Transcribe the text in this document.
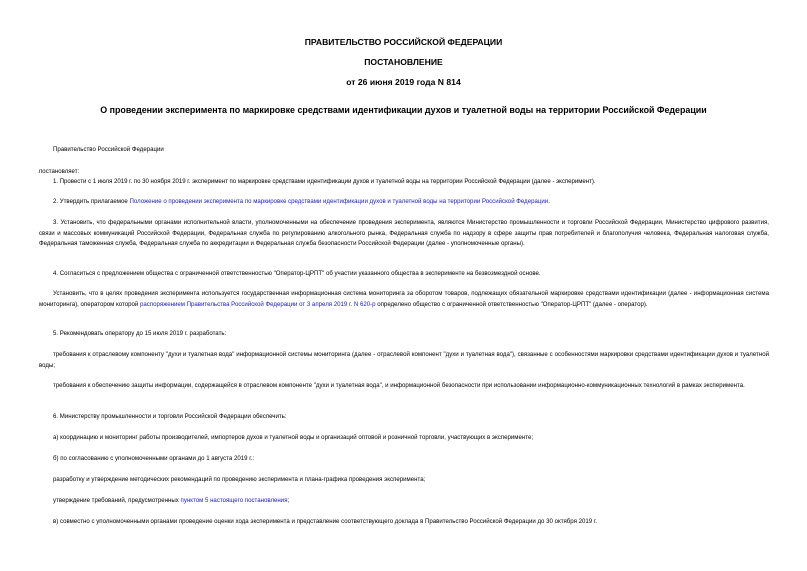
ПРАВИТЕЛЬСТВО РОССИЙСКОЙ ФЕДЕРАЦИИ
ПОСТАНОВЛЕНИЕ
от 26 июня 2019 года N 814
О проведении эксперимента по маркировке средствами идентификации духов и туалетной воды на территории Российской Федерации
Правительство Российской Федерации
постановляет:
1. Провести с 1 июля 2019 г. по 30 ноября 2019 г. эксперимент по маркировке средствами идентификации духов и туалетной воды на территории Российской Федерации (далее - эксперимент).
2. Утвердить прилагаемое Положение о проведении эксперимента по маркировке средствами идентификации духов и туалетной воды на территории Российской Федерации.
3. Установить, что федеральными органами исполнительной власти, уполномоченными на обеспечение проведения эксперимента, являются Министерство промышленности и торговли Российской Федерации, Министерство цифрового развития, связи и массовых коммуникаций Российской Федерации, Федеральная служба по регулированию алкогольного рынка, Федеральная служба по надзору в сфере защиты прав потребителей и благополучия человека, Федеральная налоговая служба, Федеральная таможенная служба, Федеральная служба по аккредитации и Федеральная служба безопасности Российской Федерации (далее - уполномоченные органы).
4. Согласиться с предложением общества с ограниченной ответственностью "Оператор-ЦРПТ" об участии указанного общества в эксперименте на безвозмездной основе.
Установить, что в целях проведения эксперимента используется государственная информационная система мониторинга за оборотом товаров, подлежащих обязательной маркировке средствами идентификации (далее - информационная система мониторинга), оператором которой распоряжением Правительства Российской Федерации от 3 апреля 2019 г. N 620-р определено общество с ограниченной ответственностью "Оператор-ЦРПТ" (далее - оператор).
5. Рекомендовать оператору до 15 июля 2019 г. разработать:
требования к отраслевому компоненту "духи и туалетная вода" информационной системы мониторинга (далее - отраслевой компонент "духи и туалетная вода"), связанные с особенностями маркировки средствами идентификации духов и туалетной воды;
требования к обеспечению защиты информации, содержащейся в отраслевом компоненте "духи и туалетная вода", и информационной безопасности при использовании информационно-коммуникационных технологий в рамках эксперимента.
6. Министерству промышленности и торговли Российской Федерации обеспечить:
а) координацию и мониторинг работы производителей, импортеров духов и туалетной воды и организаций оптовой и розничной торговли, участвующих в эксперименте;
б) по согласованию с уполномоченными органами до 1 августа 2019 г.:
разработку и утверждение методических рекомендаций по проведению эксперимента и плана-графика проведения эксперимента;
утверждение требований, предусмотренных пунктом 5 настоящего постановления;
в) совместно с уполномоченными органами проведение оценки хода эксперимента и представление соответствующего доклада в Правительство Российской Федерации до 30 октября 2019 г.
